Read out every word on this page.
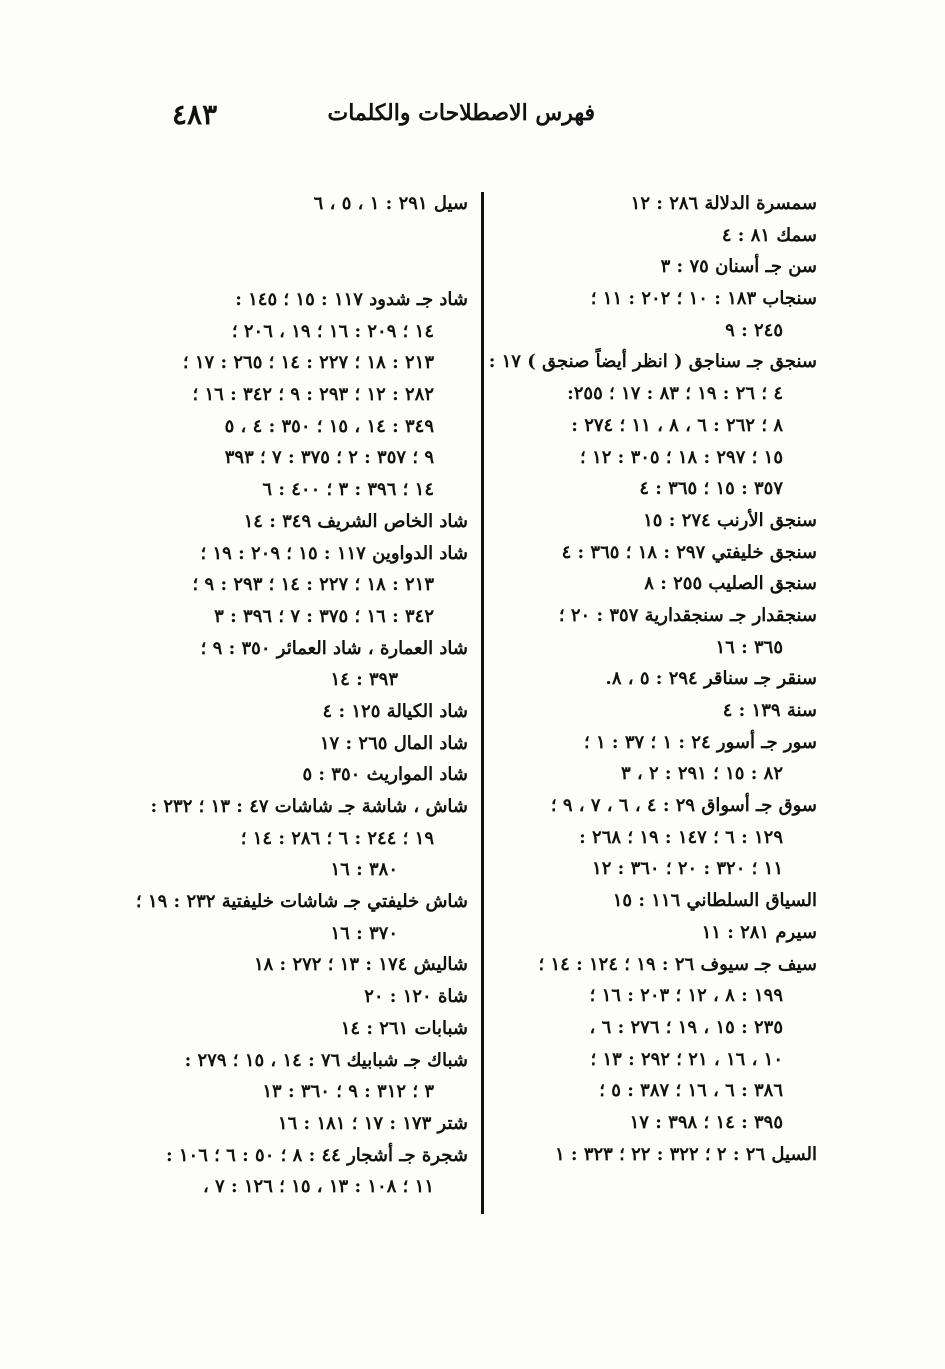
٤٨٣	فهرس الاصطلاحات والكلمات
سمسرة الدلالة ٢٨٦ : ١٢
سمك ٨١ : ٤
سن جـ أسنان ٧٥ : ٣
سنجاب ١٨٣ : ١٠ ؛ ٢٠٢ : ١١ ؛
٢٤٥ : ٩
سنجق جـ سناجق ( انظر أيضاً صنجق ) ١٧ :
٤ ؛ ٢٦ : ١٩ ؛ ٨٣ : ١٧ ؛ ٢٥٥:
٨ ؛ ٢٦٢ : ٦ ، ٨ ، ١١ ؛ ٢٧٤ :
١٥ ؛ ٢٩٧ : ١٨ ؛ ٣٠٥ : ١٢ ؛
٣٥٧ : ١٥ ؛ ٣٦٥ : ٤
سنجق الأرنب ٢٧٤ : ١٥
سنجق خليفتي ٢٩٧ : ١٨ ؛ ٣٦٥ : ٤
سنجق الصليب ٢٥٥ : ٨
سنجقدار جـ سنجقدارية ٣٥٧ : ٢٠ ؛
٣٦٥ : ١٦
سنقر جـ سناقر ٢٩٤ : ٥ ، ٨.
سنة ١٣٩ : ٤
سور جـ أسور ٢٤ : ١ ؛ ٣٧ : ١ ؛
٨٢ : ١٥ ؛ ٢٩١ : ٢ ، ٣
سوق جـ أسواق ٢٩ : ٤ ، ٦ ، ٧ ، ٩ ؛
١٢٩ : ٦ ؛ ١٤٧ : ١٩ ؛ ٢٦٨ :
١١ ؛ ٣٢٠ : ٢٠ ؛ ٣٦٠ : ١٢
السياق السلطاني ١١٦ : ١٥
سيرم ٢٨١ : ١١
سيف جـ سيوف ٢٦ : ١٩ ؛ ١٢٤ : ١٤ ؛
١٩٩ : ٨ ، ١٢ ؛ ٢٠٣ : ١٦ ؛
٢٣٥ : ١٥ ، ١٩ ؛ ٢٧٦ : ٦ ،
١٠ ، ١٦ ، ٢١ ؛ ٢٩٢ : ١٣ ؛
٣٨٦ : ٦ ، ١٦ ؛ ٣٨٧ : ٥ ؛
٣٩٥ : ١٤ ؛ ٣٩٨ : ١٧
السيل ٢٦ : ٢ ؛ ٣٢٢ : ٢٢ ؛ ٣٢٣ : ١
سيل ٢٩١ : ١ ، ٥ ، ٦
شاد جـ شدود ١١٧ : ١٥ ؛ ١٤٥ :
١٤ ؛ ٢٠٩ : ١٦ ؛ ١٩ ، ٢٠٦ ؛
٢١٣ : ١٨ ؛ ٢٢٧ : ١٤ ؛ ٢٦٥ : ١٧ ؛
٢٨٢ : ١٢ ؛ ٢٩٣ : ٩ ؛ ٣٤٢ : ١٦ ؛
٣٤٩ : ١٤ ، ١٥ ؛ ٣٥٠ : ٤ ، ٥
٩ ؛ ٣٥٧ : ٢ ؛ ٣٧٥ : ٧ ؛ ٣٩٣
١٤ ؛ ٣٩٦ : ٣ ؛ ٤٠٠ : ٦
شاد الخاص الشريف ٣٤٩ : ١٤
شاد الدواوين ١١٧ : ١٥ ؛ ٢٠٩ : ١٩ ؛
٢١٣ : ١٨ ؛ ٢٢٧ : ١٤ ؛ ٢٩٣ : ٩ ؛
٣٤٢ : ١٦ ؛ ٣٧٥ : ٧ ؛ ٣٩٦ : ٣
شاد العمارة ، شاد العمائر ٣٥٠ : ٩ ؛
٣٩٣ : ١٤
شاد الكيالة ١٢٥ : ٤
شاد المال ٢٦٥ : ١٧
شاد المواريث ٣٥٠ : ٥
شاش ، شاشة جـ شاشات ٤٧ : ١٣ ؛ ٢٣٢ :
١٩ ؛ ٢٤٤ : ٦ ؛ ٢٨٦ : ١٤ ؛
٣٨٠ : ١٦
شاش خليفتي جـ شاشات خليفتية ٢٣٢ : ١٩ ؛
٣٧٠ : ١٦
شاليش ١٧٤ : ١٣ ؛ ٢٧٢ : ١٨
شاة ١٢٠ : ٢٠
شبابات ٢٦١ : ١٤
شباك جـ شبابيك ٧٦ : ١٤ ، ١٥ ؛ ٢٧٩ :
٣ ؛ ٣١٢ : ٩ ؛ ٣٦٠ : ١٣
شتر ١٧٣ : ١٧ ؛ ١٨١ : ١٦
شجرة جـ أشجار ٤٤ : ٨ ؛ ٥٠ : ٦ ؛ ١٠٦ :
١١ ؛ ١٠٨ : ١٣ ، ١٥ ؛ ١٢٦ : ٧ ،
